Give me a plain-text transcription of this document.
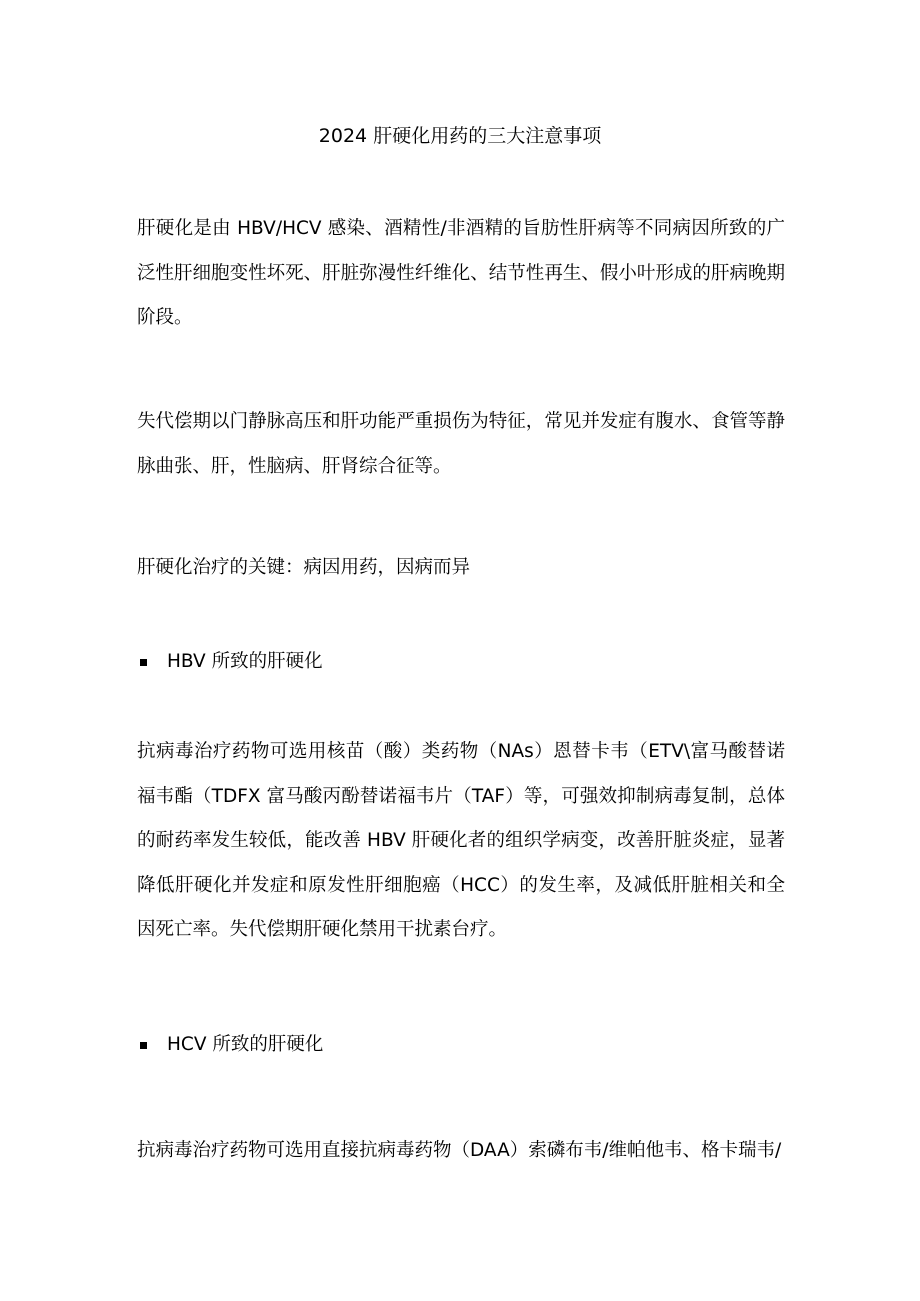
2024 肝硬化用药的三大注意事项

肝硬化是由 HBV/HCV 感染、酒精性/非酒精的旨肪性肝病等不同病因所致的广泛性肝细胞变性坏死、肝脏弥漫性纤维化、结节性再生、假小叶形成的肝病晚期阶段。

失代偿期以门静脉高压和肝功能严重损伤为特征，常见并发症有腹水、食管等静脉曲张、肝，性脑病、肝肾综合征等。

肝硬化治疗的关键：病因用药，因病而异

HBV 所致的肝硬化

抗病毒治疗药物可选用核苗（酸）类药物（NAs）恩替卡韦（ETV\富马酸替诺福韦酯（TDFX 富马酸丙酚替诺福韦片（TAF）等，可强效抑制病毒复制，总体的耐药率发生较低，能改善 HBV 肝硬化者的组织学病变，改善肝脏炎症，显著降低肝硬化并发症和原发性肝细胞癌（HCC）的发生率，及减低肝脏相关和全因死亡率。失代偿期肝硬化禁用干扰素台疗。

HCV 所致的肝硬化

抗病毒治疗药物可选用直接抗病毒药物（DAA）索磷布韦/维帕他韦、格卡瑞韦/
